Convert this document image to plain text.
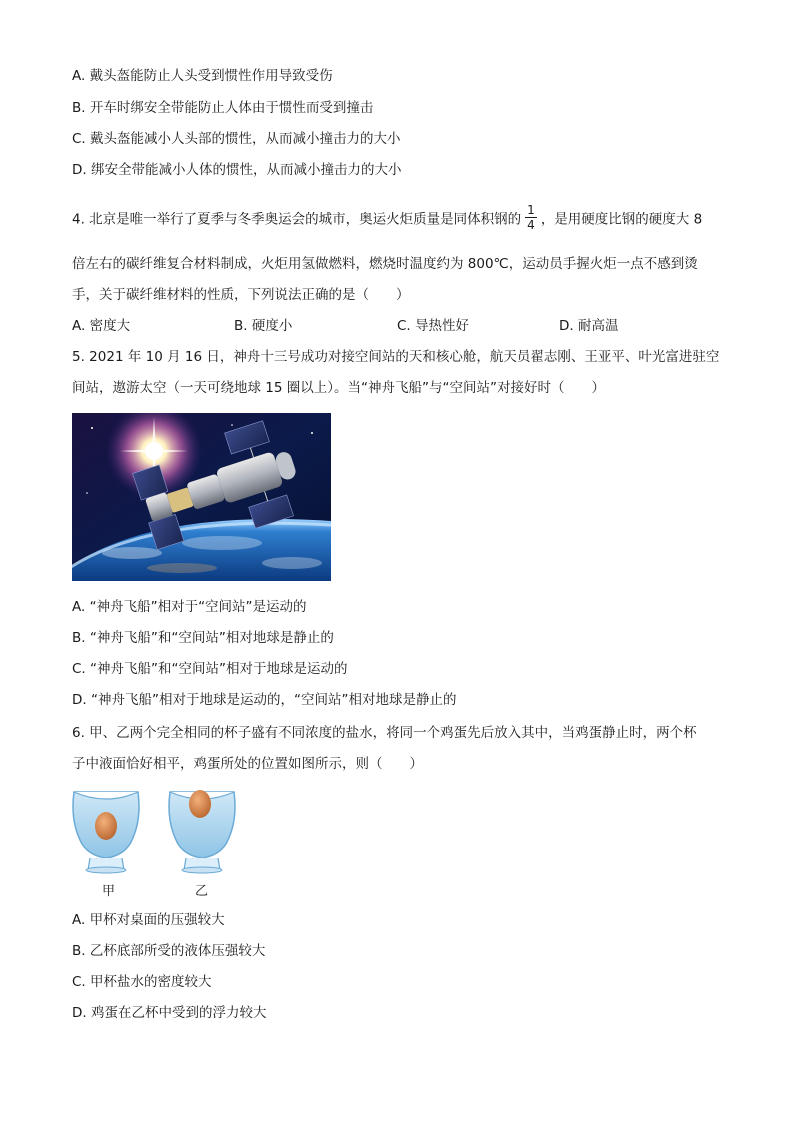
A. 戴头盔能防止人头受到惯性作用导致受伤
B. 开车时绑安全带能防止人体由于惯性而受到撞击
C. 戴头盔能减小人头部的惯性，从而减小撞击力的大小
D. 绑安全带能减小人体的惯性，从而减小撞击力的大小
4. 北京是唯一举行了夏季与冬季奥运会的城市，奥运火炬质量是同体积钢的 $\frac{1}{4}$ ，是用硬度比钢的硬度大 8
倍左右的碳纤维复合材料制成，火炬用氢做燃料，燃烧时温度约为 800℃，运动员手握火炬一点不感到烫
手，关于碳纤维材料的性质，下列说法正确的是（　　）
A. 密度大	B. 硬度小	C. 导热性好	D. 耐高温
5. 2021 年 10 月 16 日，神舟十三号成功对接空间站的天和核心舱，航天员翟志刚、王亚平、叶光富进驻空
间站，遨游太空（一天可绕地球 15 圈以上）。当“神舟飞船”与“空间站”对接好时（　　）
A. “神舟飞船”相对于“空间站”是运动的
B. “神舟飞船”和“空间站”相对地球是静止的
C. “神舟飞船”和“空间站”相对于地球是运动的
D. “神舟飞船”相对于地球是运动的，“空间站”相对地球是静止的
6. 甲、乙两个完全相同的杯子盛有不同浓度的盐水，将同一个鸡蛋先后放入其中，当鸡蛋静止时，两个杯
子中液面恰好相平，鸡蛋所处的位置如图所示，则（　　）
甲	乙
A. 甲杯对桌面的压强较大
B. 乙杯底部所受的液体压强较大
C. 甲杯盐水的密度较大
D. 鸡蛋在乙杯中受到的浮力较大
